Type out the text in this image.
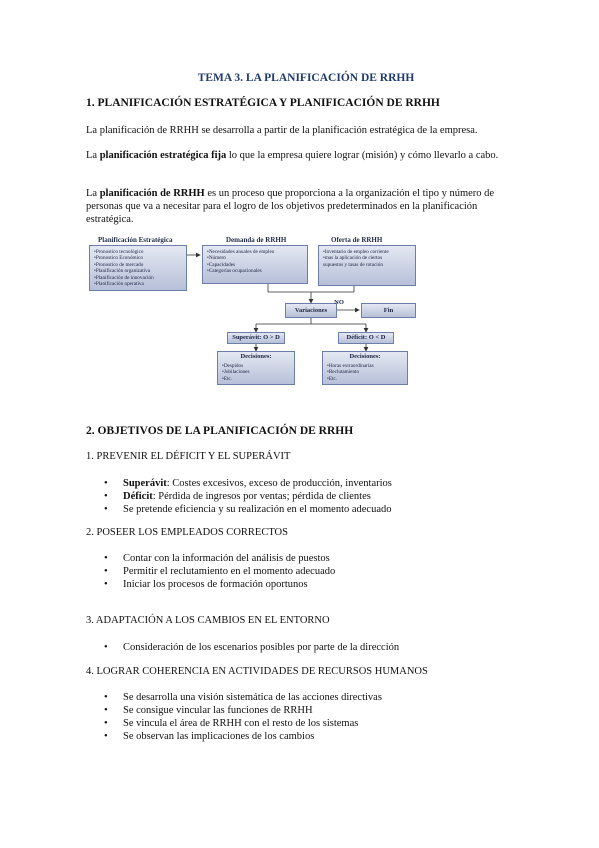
TEMA 3. LA PLANIFICACIÓN DE RRHH
1. PLANIFICACIÓN ESTRATÉGICA Y PLANIFICACIÓN DE RRHH
La planificación de RRHH se desarrolla a partir de la planificación estratégica de la empresa.
La planificación estratégica fija lo que la empresa quiere lograr (misión) y cómo llevarlo a cabo.
La planificación de RRHH es un proceso que proporciona a la organización el tipo y número de personas que va a necesitar para el logro de los objetivos predeterminados en la planificación estratégica.
2. OBJETIVOS DE LA PLANIFICACIÓN DE RRHH
1. PREVENIR EL DÉFICIT Y EL SUPERÁVIT
• Superávit: Costes excesivos, exceso de producción, inventarios
• Déficit: Pérdida de ingresos por ventas; pérdida de clientes
• Se pretende eficiencia y su realización en el momento adecuado
2. POSEER LOS EMPLEADOS CORRECTOS
• Contar con la información del análisis de puestos
• Permitir el reclutamiento en el momento adecuado
• Iniciar los procesos de formación oportunos
3. ADAPTACIÓN A LOS CAMBIOS EN EL ENTORNO
• Consideración de los escenarios posibles por parte de la dirección
4. LOGRAR COHERENCIA EN ACTIVIDADES DE RECURSOS HUMANOS
• Se desarrolla una visión sistemática de las acciones directivas
• Se consigue vincular las funciones de RRHH
• Se vincula el área de RRHH con el resto de los sistemas
• Se observan las implicaciones de los cambios
Planificación Estratégica
•Pronostico tecnológico
•Pronostico Económico
•Pronostico de mercado
•Planificación organizativa
•Planificación de innovación
•Planificación operativa
Demanda de RRHH
•Necesidades anuales de empleo
•Número
•Capacidades
•Categorías ocupacionales
Oferta de RRHH
•Inventario de empleo corriente
•mas la aplicación de ciertos
supuestos y tasas de rotación
Variaciones
NO
Fin
Superávit: O > D	Déficit: O < D
Decisiones:
•Despidos
•Jubilaciones
•Etc.
Decisiones:
•Horas extraordinarias
•Reclutamiento
•Etc.
